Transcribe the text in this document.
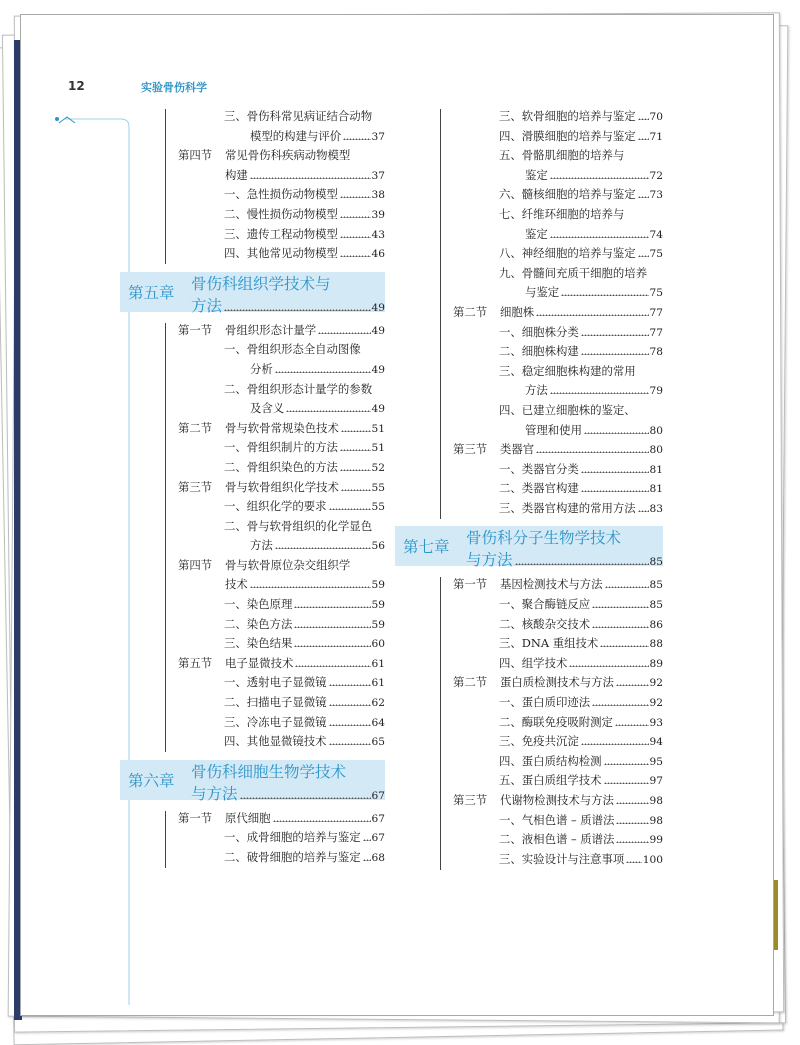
12	实验骨伤科学
三、骨伤科常见病证结合动物
模型的构建与评价	37
第四节 常见骨伤科疾病动物模型
构建	37
一、急性损伤动物模型	38
二、慢性损伤动物模型	39
三、遗传工程动物模型	43
四、其他常见动物模型	46
第五章 骨伤科组织学技术与
方法	49
第一节 骨组织形态计量学	49
一、骨组织形态全自动图像
分析	49
二、骨组织形态计量学的参数
及含义	49
第二节 骨与软骨常规染色技术	51
一、骨组织制片的方法	51
二、骨组织染色的方法	52
第三节 骨与软骨组织化学技术	55
一、组织化学的要求	55
二、骨与软骨组织的化学显色
方法	56
第四节 骨与软骨原位杂交组织学
技术	59
一、染色原理	59
二、染色方法	59
三、染色结果	60
第五节 电子显微技术	61
一、透射电子显微镜	61
二、扫描电子显微镜	62
三、冷冻电子显微镜	64
四、其他显微镜技术	65
第六章 骨伤科细胞生物学技术
与方法	67
第一节 原代细胞	67
一、成骨细胞的培养与鉴定 67
二、破骨细胞的培养与鉴定 68
三、软骨细胞的培养与鉴定 70
四、滑膜细胞的培养与鉴定 71
五、骨骼肌细胞的培养与
鉴定	72
六、髓核细胞的培养与鉴定 73
七、纤维环细胞的培养与
鉴定	74
八、神经细胞的培养与鉴定 75
九、骨髓间充质干细胞的培养
与鉴定	75
第二节 细胞株	77
一、细胞株分类	77
二、细胞株构建	78
三、稳定细胞株构建的常用
方法	79
四、已建立细胞株的鉴定、
管理和使用	80
第三节 类器官	80
一、类器官分类	81
二、类器官构建	81
三、类器官构建的常用方法 83
第七章 骨伤科分子生物学技术
与方法	85
第一节 基因检测技术与方法	85
一、聚合酶链反应	85
二、核酸杂交技术	86
三、DNA 重组技术	88
四、组学技术	89
第二节 蛋白质检测技术与方法	92
一、蛋白质印迹法	92
二、酶联免疫吸附测定	93
三、免疫共沉淀	94
四、蛋白质结构检测	95
五、蛋白质组学技术	97
第三节 代谢物检测技术与方法	98
一、气相色谱 – 质谱法	98
二、液相色谱 – 质谱法	99
三、实验设计与注意事项 100
